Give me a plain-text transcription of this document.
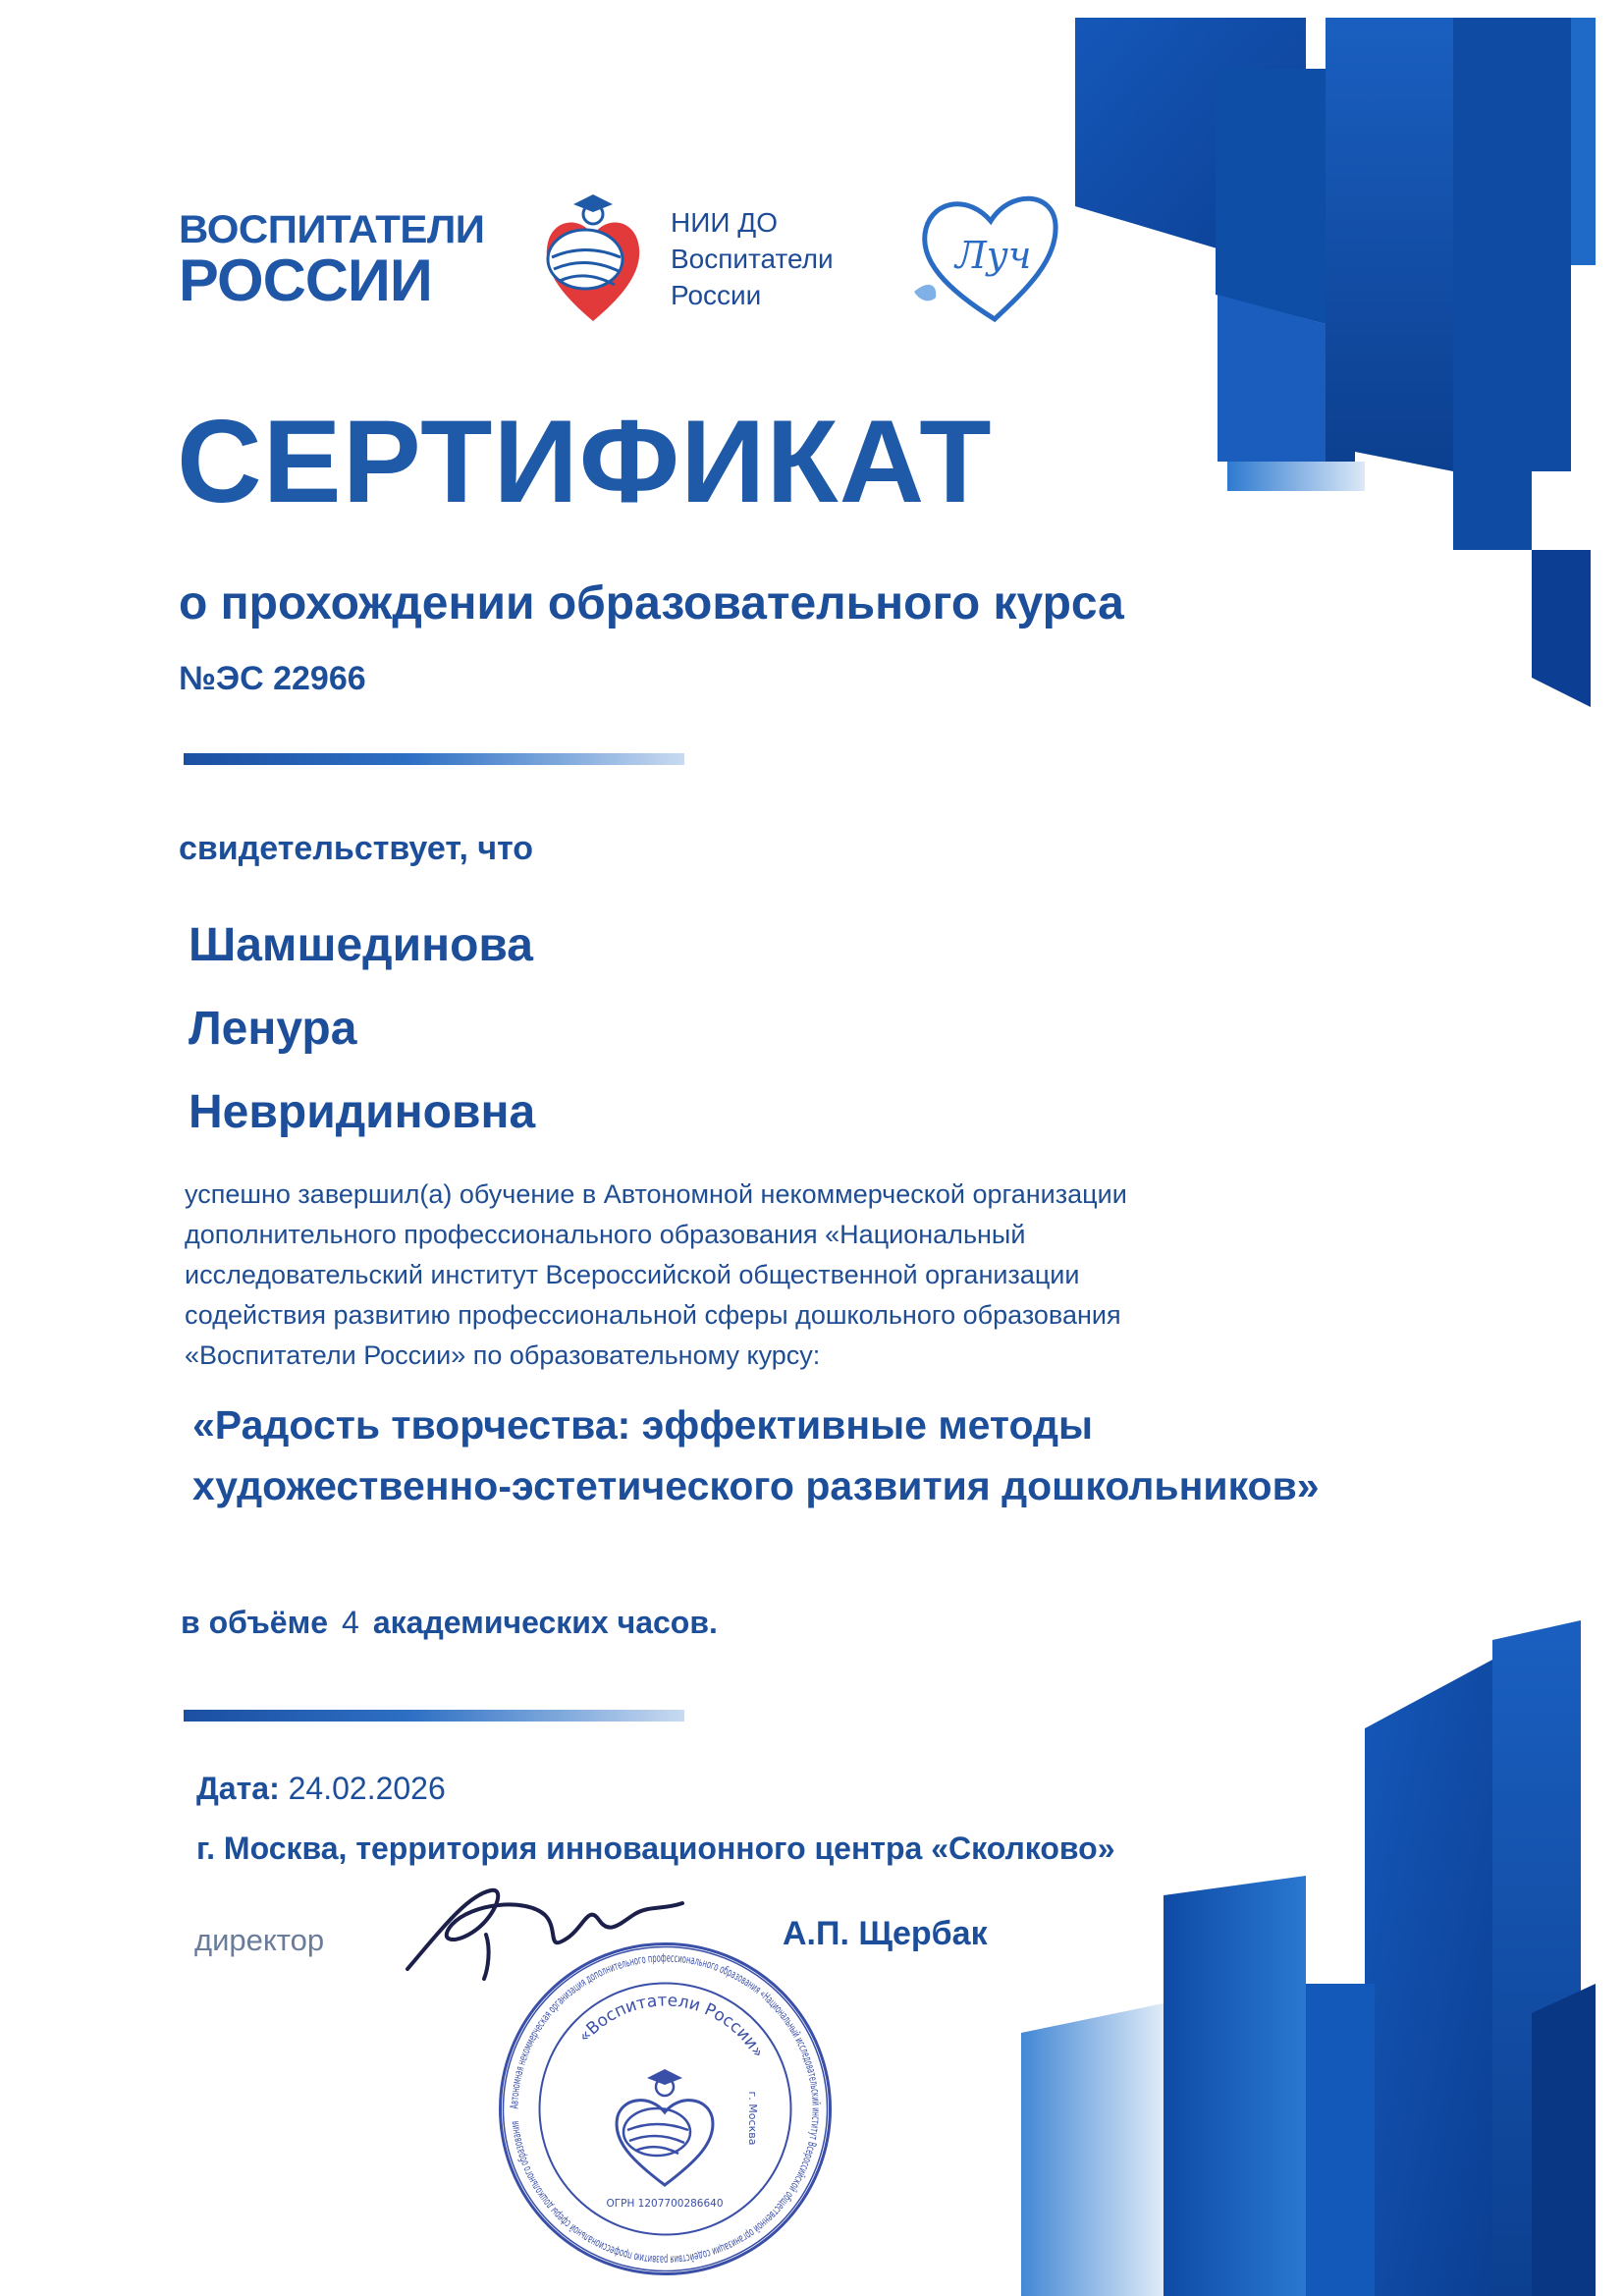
ВОСПИТАТЕЛИ
РОССИИ
НИИ ДО
Воспитатели
России
Луч
СЕРТИФИКАТ
о прохождении образовательного курса
№ЭС 22966
свидетельствует, что
Шамшединова
Ленура
Невридиновна
успешно завершил(а) обучение в Автономной некоммерческой организации
дополнительного профессионального образования «Национальный
исследовательский институт Всероссийской общественной организации
содействия развитию профессиональной сферы дошкольного образования
«Воспитатели России» по образовательному курсу:
«Радость творчества: эффективные методы
художественно-эстетического развития дошкольников»
в объёме 4 академических часов.
Дата: 24.02.2026
г. Москва, территория инновационного центра «Сколково»
директор	А.П. Щербак
Автономная некоммерческая организация дополнительного профессионального образования «Национальный исследовательский институт Всероссийской общественной организации содействия развитию профессиональной сферы дошкольного образования
«Воспитатели России»
г. Москва
ОГРН 1207700286640
